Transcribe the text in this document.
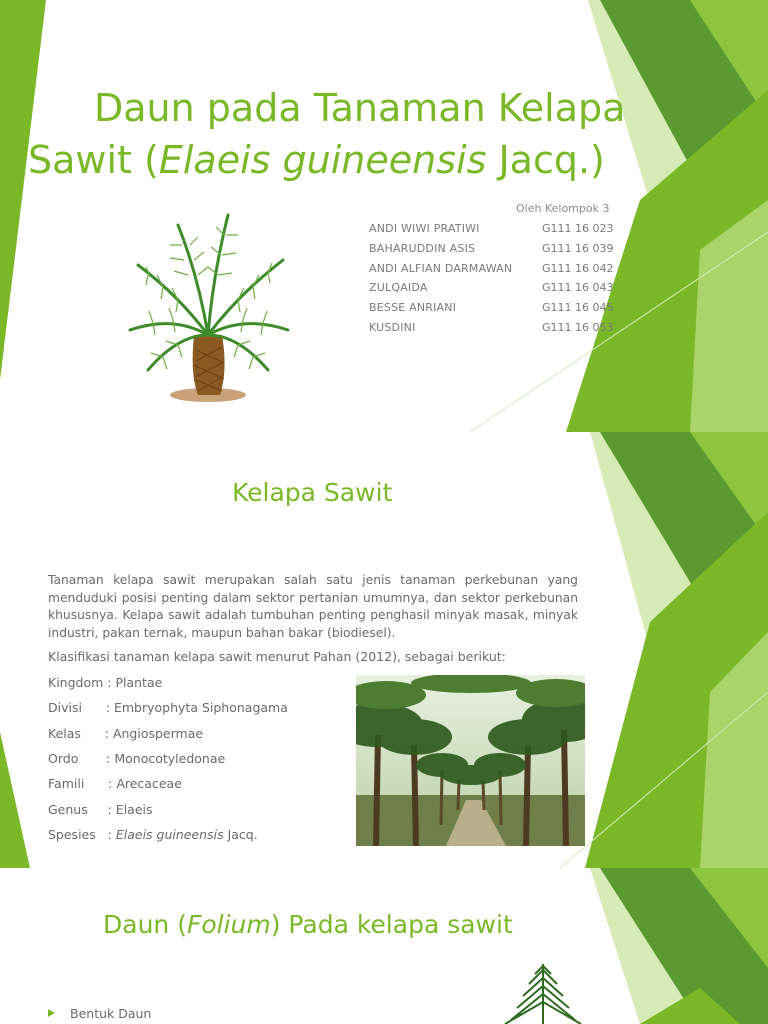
Daun pada Tanaman Kelapa
Sawit (Elaeis guineensis Jacq.)
Oleh Kelompok 3
ANDI WIWI PRATIWI	G111 16 023
BAHARUDDIN ASIS	G111 16 039
ANDI ALFIAN DARMAWAN	G111 16 042
ZULQAIDA	G111 16 043
BESSE ANRIANI	G111 16 045
KUSDINI	G111 16 053
Kelapa Sawit
Tanaman kelapa sawit merupakan salah satu jenis tanaman perkebunan yang menduduki posisi penting dalam sektor pertanian umumnya, dan sektor perkebunan khususnya. Kelapa sawit adalah tumbuhan penting penghasil minyak masak, minyak industri, pakan ternak, maupun bahan bakar (biodiesel).
Klasifikasi tanaman kelapa sawit menurut Pahan (2012), sebagai berikut:
Kingdom : Plantae
Divisi      : Embryophyta Siphonagama
Kelas      : Angiospermae
Ordo       : Monocotyledonae
Famili      : Arecaceae
Genus     : Elaeis
Spesies   : Elaeis guineensis Jacq.
Daun (Folium) Pada kelapa sawit
Bentuk Daun
